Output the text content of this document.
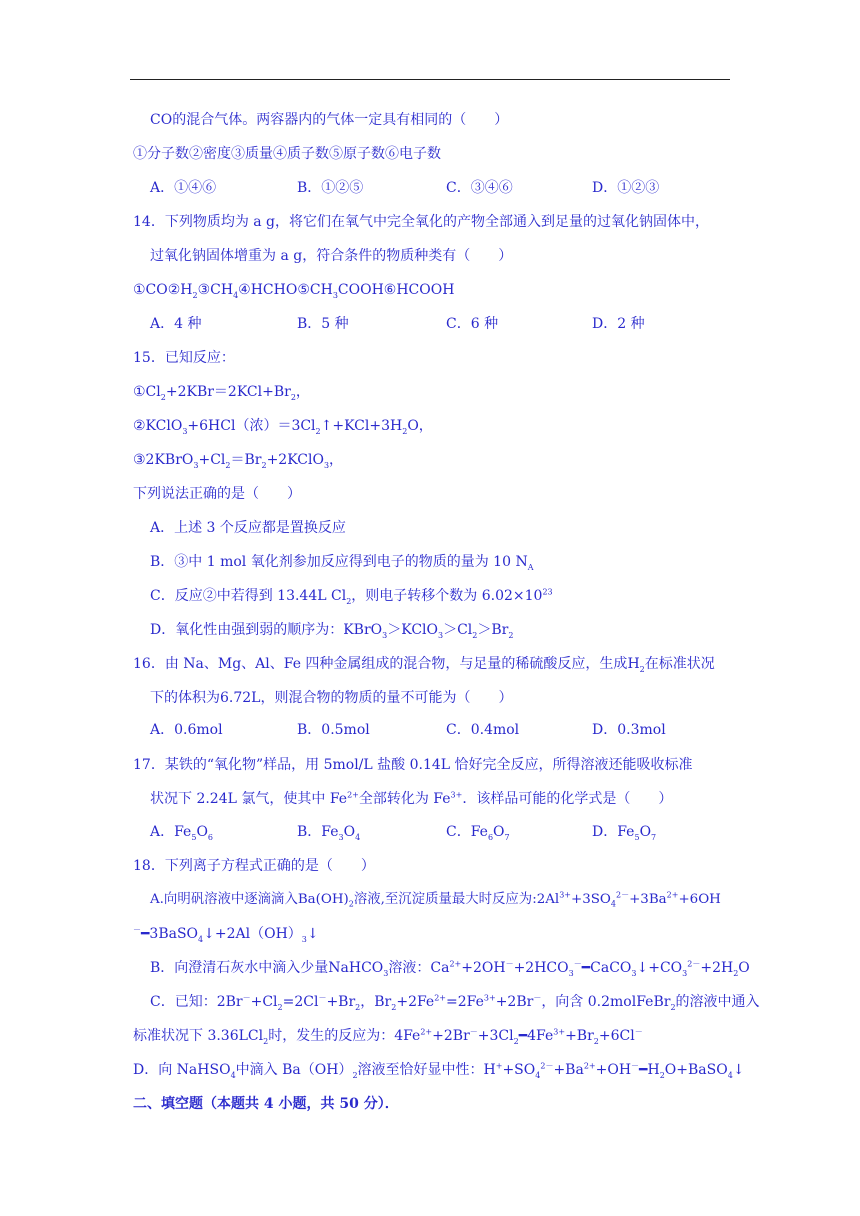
CO的混合气体。两容器内的气体一定具有相同的（　　）
①分子数②密度③质量④质子数⑤原子数⑥电子数
A．①④⑥	B．①②⑤	C．③④⑥	D．①②③
14．下列物质均为 a g，将它们在氧气中完全氧化的产物全部通入到足量的过氧化钠固体中，
过氧化钠固体增重为 a g，符合条件的物质种类有（　　）
$①CO②H_2③CH_4④HCHO⑤CH_3COOH⑥HCOOH$
A．4 种	B．5 种	C．6 种	D．2 种
15．已知反应：
$①Cl_2+2KBr=2KCl+Br_2$，
②KClO$_3$+6HCl（浓）$=3Cl_2↑+KCl+3H_2O$，
$③2KBrO_3+Cl_2=Br_2+2KClO_3$，
下列说法正确的是（　　）
A．上述 3 个反应都是置换反应
B．③中 1 mol 氧化剂参加反应得到电子的物质的量为 10 $N_A$
C．反应②中若得到 13.44L $Cl_2$，则电子转移个数为 $6.02\times 10^{23}$
D．氧化性由强到弱的顺序为：$KBrO_3>KClO_3>Cl_2>Br_2$
16．由 Na、Mg、Al、Fe 四种金属组成的混合物，与足量的稀硫酸反应，生成$H_2$在标准状况
下的体积为6.72L，则混合物的物质的量不可能为（　　）
A．0.6mol	B．0.5mol	C．0.4mol	D．0.3mol
17．某铁的“氧化物”样品，用 5mol/L 盐酸 0.14L 恰好完全反应，所得溶液还能吸收标准
状况下 2.24L 氯气，使其中 $Fe^{2+}$全部转化为 $Fe^{3+}$．该样品可能的化学式是（　　）
A．$Fe_5O_6$	B．$Fe_3O_4$	C．$Fe_6O_7$	D．$Fe_5O_7$
18．下列离子方程式正确的是（　　）
A.向明矾溶液中逐滴滴入$Ba(OH)_2$溶液,至沉淀质量最大时反应为$:2Al^{3+}+3SO_4^{2-}+3Ba^{2+}+6OH$
$^-━3BaSO_4↓+2Al(OH)_3↓$
B．向澄清石灰水中滴入少量NaHCO$_3$溶液：$Ca^{2+}+2OH^-+2HCO_3^-━CaCO_3↓+CO_3^{2-}+2H_2O$
C．已知：$2Br^-+Cl_2=2Cl^-+Br_2$，$Br_2+2Fe^{2+}=2Fe^{3+}+2Br^-$，向含 0.2molFeBr$_2$的溶液中通入
标准状况下 3.36LCl$_2$时，发生的反应为：$4Fe^{2+}+2Br^-+3Cl_2━4Fe^{3+}+Br_2+6Cl^-$
D．向 NaHSO$_4$中滴入 $Ba(OH)_2$溶液至恰好显中性：$H^++SO_4^{2-}+Ba^{2+}+OH^-━H_2O+BaSO_4↓$
二、填空题（本题共 4 小题，共 50 分）．
